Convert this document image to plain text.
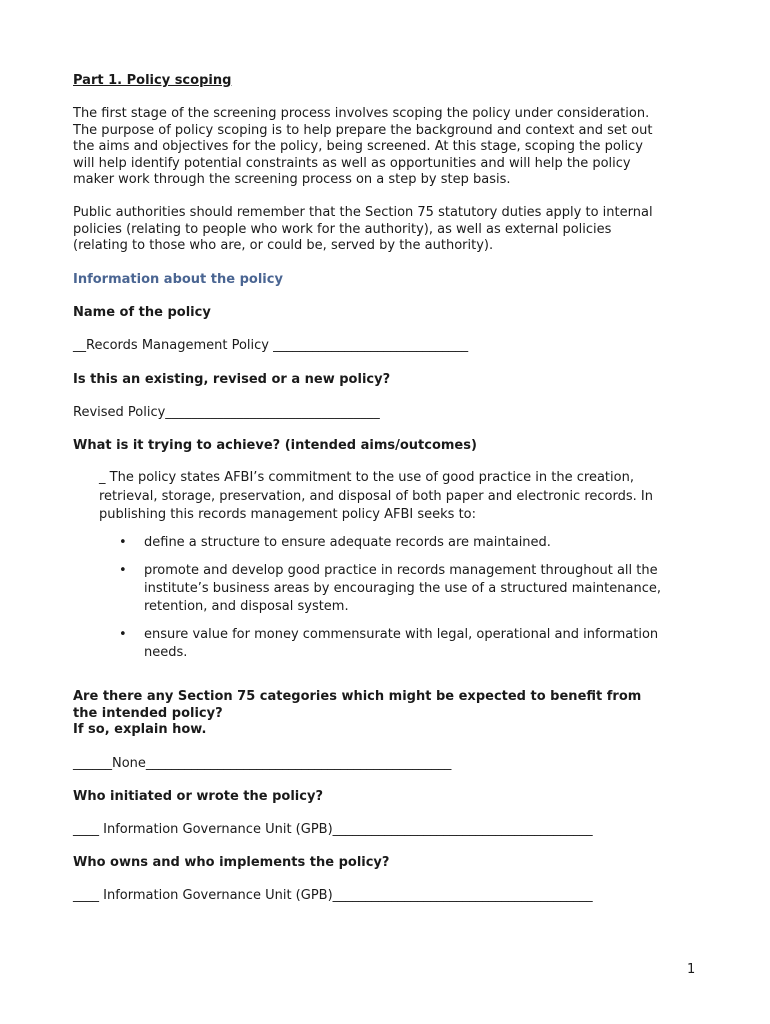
Part 1. Policy scoping
The first stage of the screening process involves scoping the policy under consideration.
The purpose of policy scoping is to help prepare the background and context and set out
the aims and objectives for the policy, being screened. At this stage, scoping the policy
will help identify potential constraints as well as opportunities and will help the policy
maker work through the screening process on a step by step basis.
Public authorities should remember that the Section 75 statutory duties apply to internal
policies (relating to people who work for the authority), as well as external policies
(relating to those who are, or could be, served by the authority).
Information about the policy
Name of the policy
__Records Management Policy ______________________________
Is this an existing, revised or a new policy?
Revised Policy_________________________________
What is it trying to achieve? (intended aims/outcomes)
_ The policy states AFBI’s commitment to the use of good practice in the creation,
retrieval, storage, preservation, and disposal of both paper and electronic records. In
publishing this records management policy AFBI seeks to:
• define a structure to ensure adequate records are maintained.
• promote and develop good practice in records management throughout all the
institute’s business areas by encouraging the use of a structured maintenance,
retention, and disposal system.
• ensure value for money commensurate with legal, operational and information
needs.
Are there any Section 75 categories which might be expected to benefit from
the intended policy?
If so, explain how.
______None_______________________________________________
Who initiated or wrote the policy?
____ Information Governance Unit (GPB)________________________________________
Who owns and who implements the policy?
____ Information Governance Unit (GPB)________________________________________
1
